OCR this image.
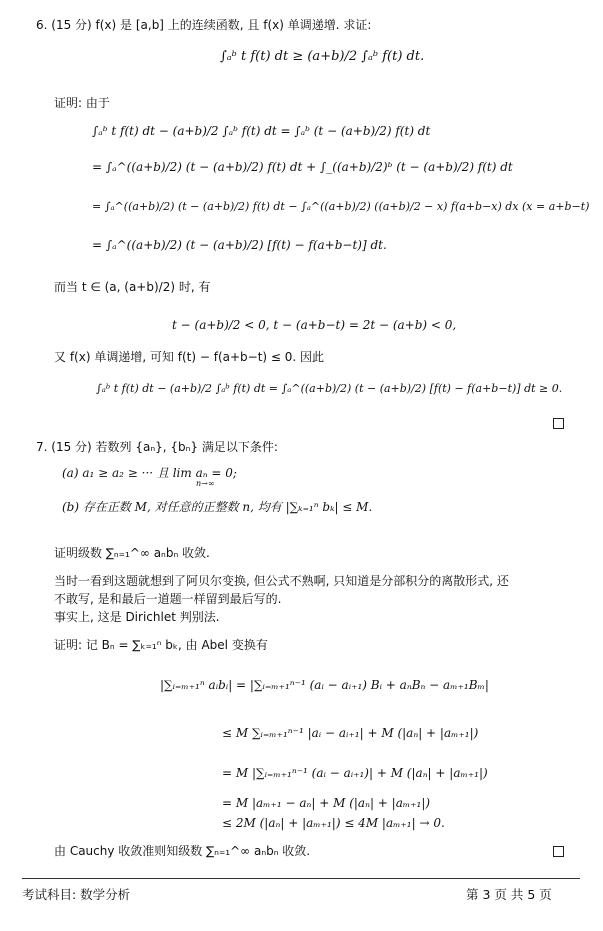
6. (15 分) f(x) 是 [a,b] 上的连续函数, 且 f(x) 单调递增. 求证:
∫ₐᵇ t f(t) dt ≥ (a+b)/2 ∫ₐᵇ f(t) dt.
证明: 由于
∫ₐᵇ t f(t) dt − (a+b)/2 ∫ₐᵇ f(t) dt = ∫ₐᵇ (t − (a+b)/2) f(t) dt
= ∫ₐ^((a+b)/2) (t − (a+b)/2) f(t) dt + ∫_((a+b)/2)ᵇ (t − (a+b)/2) f(t) dt
= ∫ₐ^((a+b)/2) (t − (a+b)/2) f(t) dt − ∫ₐ^((a+b)/2) ((a+b)/2 − x) f(a+b−x) dx (x = a+b−t)
= ∫ₐ^((a+b)/2) (t − (a+b)/2) [f(t) − f(a+b−t)] dt.
而当 t ∈ (a, (a+b)/2) 时, 有
t − (a+b)/2 < 0, t − (a+b−t) = 2t − (a+b) < 0,
又 f(x) 单调递增, 可知 f(t) − f(a+b−t) ≤ 0. 因此
∫ₐᵇ t f(t) dt − (a+b)/2 ∫ₐᵇ f(t) dt = ∫ₐ^((a+b)/2) (t − (a+b)/2) [f(t) − f(a+b−t)] dt ≥ 0.
7. (15 分) 若数列 {aₙ}, {bₙ} 满足以下条件:
(a) a₁ ≥ a₂ ≥ ··· 且 lim aₙ = 0;
n→∞
(b) 存在正数 M, 对任意的正整数 n, 均有 |∑ₖ₌₁ⁿ bₖ| ≤ M.
证明级数 ∑ₙ₌₁^∞ aₙbₙ 收敛.
当时一看到这题就想到了阿贝尔变换, 但公式不熟啊, 只知道是分部积分的离散形式, 还
不敢写, 是和最后一道题一样留到最后写的.
事实上, 这是 Dirichlet 判别法.
证明: 记 Bₙ = ∑ₖ₌₁ⁿ bₖ, 由 Abel 变换有
|∑ᵢ₌ₘ₊₁ⁿ aᵢbᵢ| = |∑ᵢ₌ₘ₊₁ⁿ⁻¹ (aᵢ − aᵢ₊₁) Bᵢ + aₙBₙ − aₘ₊₁Bₘ|
≤ M ∑ᵢ₌ₘ₊₁ⁿ⁻¹ |aᵢ − aᵢ₊₁| + M (|aₙ| + |aₘ₊₁|)
= M |∑ᵢ₌ₘ₊₁ⁿ⁻¹ (aᵢ − aᵢ₊₁)| + M (|aₙ| + |aₘ₊₁|)
= M |aₘ₊₁ − aₙ| + M (|aₙ| + |aₘ₊₁|)
≤ 2M (|aₙ| + |aₘ₊₁|) ≤ 4M |aₘ₊₁| → 0.
由 Cauchy 收敛准则知级数 ∑ₙ₌₁^∞ aₙbₙ 收敛.
考试科目: 数学分析	第 3 页 共 5 页
